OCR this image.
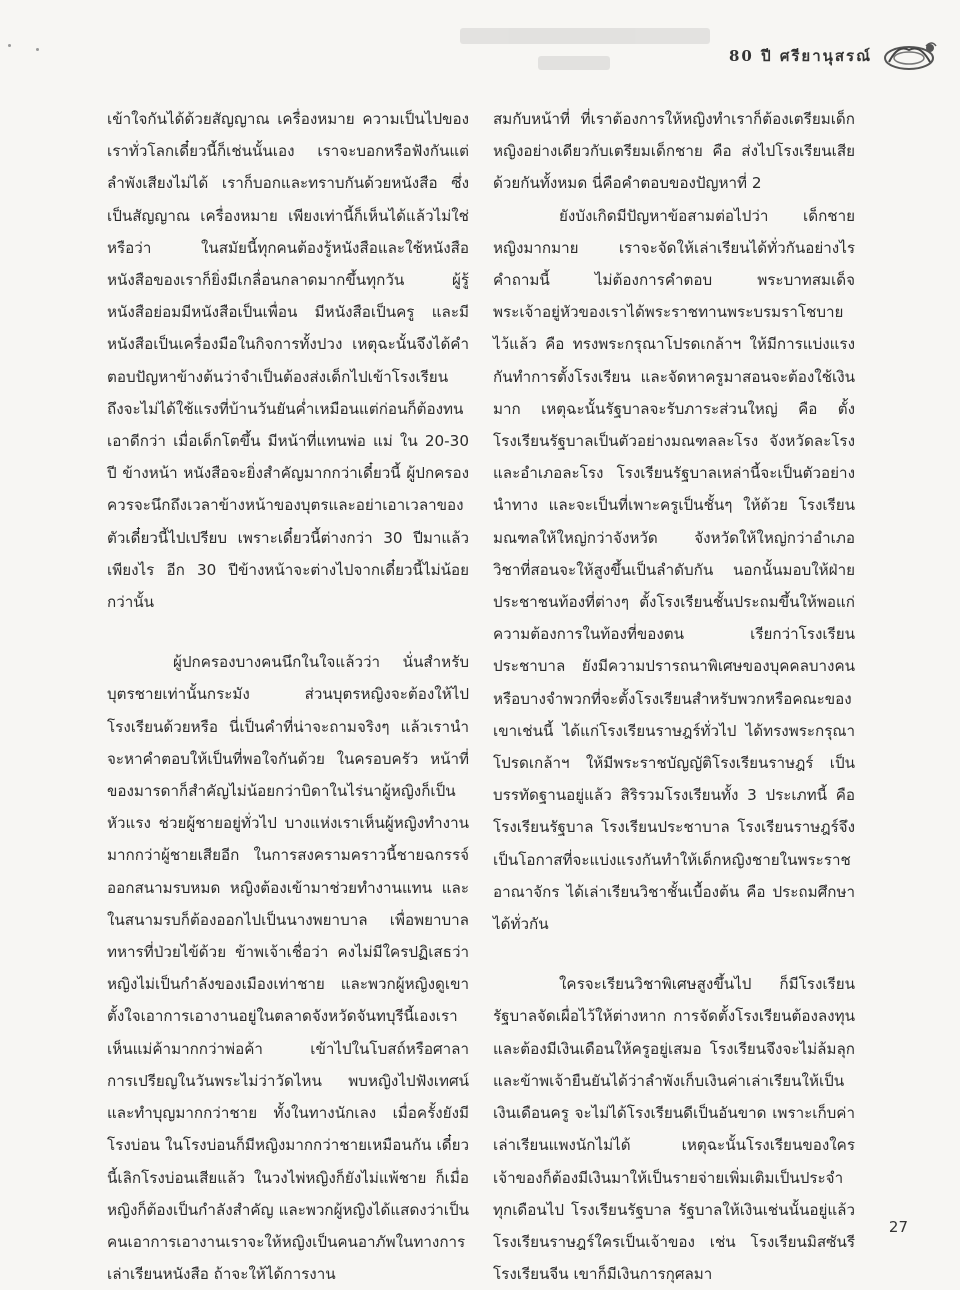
80 ปี ศรียานุสรณ์

เข้าใจกันได้ด้วยสัญญาณ เครื่องหมาย ความเป็นไปของเราทั่วโลกเดี๋ยวนี้ก็เช่นนั้นเอง เราจะบอกหรือฟังกันแต่ลำพังเสียงไม่ได้ เราก็บอกและทราบกันด้วยหนังสือ ซึ่งเป็นสัญญาณ เครื่องหมาย เพียงเท่านี้ก็เห็นได้แล้วไม่ใช่หรือว่า ในสมัยนี้ทุกคนต้องรู้หนังสือและใช้หนังสือ หนังสือของเราก็ยิ่งมีเกลื่อนกลาดมากขึ้นทุกวัน ผู้รู้หนังสือย่อมมีหนังสือเป็นเพื่อน มีหนังสือเป็นครู และมีหนังสือเป็นเครื่องมือในกิจการทั้งปวง เหตุฉะนั้นจึงได้คำตอบปัญหาข้างต้นว่าจำเป็นต้องส่งเด็กไปเข้าโรงเรียน ถึงจะไม่ได้ใช้แรงที่บ้านวันยันค่ำเหมือนแต่ก่อนก็ต้องทนเอาดีกว่า เมื่อเด็กโตขึ้น มีหน้าที่แทนพ่อ แม่ ใน 20-30 ปี ข้างหน้า หนังสือจะยิ่งสำคัญมากกว่าเดี๋ยวนี้ ผู้ปกครองควรจะนึกถึงเวลาข้างหน้าของบุตรและอย่าเอาเวลาของตัวเดี๋ยวนี้ไปเปรียบ เพราะเดี๋ยวนี้ต่างกว่า 30 ปีมาแล้วเพียงไร อีก 30 ปีข้างหน้าจะต่างไปจากเดี๋ยวนี้ไม่น้อยกว่านั้น

ผู้ปกครองบางคนนึกในใจแล้วว่า นั่นสำหรับบุตรชายเท่านั้นกระมัง ส่วนบุตรหญิงจะต้องให้ไปโรงเรียนด้วยหรือ นี่เป็นคำที่น่าจะถามจริงๆ แล้วเรานำจะหาคำตอบให้เป็นที่พอใจกันด้วย ในครอบครัว หน้าที่ของมารดาก็สำคัญไม่น้อยกว่าบิดาในไร่นาผู้หญิงก็เป็นหัวแรง ช่วยผู้ชายอยู่ทั่วไป บางแห่งเราเห็นผู้หญิงทำงานมากกว่าผู้ชายเสียอีก ในการสงครามคราวนี้ชายฉกรรจ์ออกสนามรบหมด หญิงต้องเข้ามาช่วยทำงานแทน และในสนามรบก็ต้องออกไปเป็นนางพยาบาล เพื่อพยาบาลทหารที่ป่วยไข้ด้วย ข้าพเจ้าเชื่อว่า คงไม่มีใครปฏิเสธว่าหญิงไม่เป็นกำลังของเมืองเท่าชาย และพวกผู้หญิงดูเขาตั้งใจเอาการเอางานอยู่ในตลาดจังหวัดจันทบุรีนี้เองเราเห็นแม่ค้ามากกว่าพ่อค้า เข้าไปในโบสถ์หรือศาลาการเปรียญในวันพระไม่ว่าวัดไหน พบหญิงไปฟังเทศน์และทำบุญมากกว่าชาย ทั้งในทางนักเลง เมื่อครั้งยังมีโรงบ่อน ในโรงบ่อนก็มีหญิงมากกว่าชายเหมือนกัน เดี๋ยวนี้เลิกโรงบ่อนเสียแล้ว ในวงไพ่หญิงก็ยังไม่แพ้ชาย ก็เมื่อหญิงก็ต้องเป็นกำลังสำคัญ และพวกผู้หญิงได้แสดงว่าเป็นคนเอาการเอางานเราจะให้หญิงเป็นคนอาภัพในทางการเล่าเรียนหนังสือ ถ้าจะให้ได้การงาน

สมกับหน้าที่ ที่เราต้องการให้หญิงทำเราก็ต้องเตรียมเด็กหญิงอย่างเดียวกับเตรียมเด็กชาย คือ ส่งไปโรงเรียนเสียด้วยกันทั้งหมด นี่คือคำตอบของปัญหาที่ 2

ยังบังเกิดมีปัญหาข้อสามต่อไปว่า เด็กชายหญิงมากมาย เราจะจัดให้เล่าเรียนได้ทั่วกันอย่างไร คำถามนี้ ไม่ต้องการคำตอบ พระบาทสมเด็จพระเจ้าอยู่หัวของเราได้พระราชทานพระบรมราโชบายไว้แล้ว คือ ทรงพระกรุณาโปรดเกล้าฯ ให้มีการแบ่งแรงกันทำการตั้งโรงเรียน และจัดหาครูมาสอนจะต้องใช้เงินมาก เหตุฉะนั้นรัฐบาลจะรับภาระส่วนใหญ่ คือ ตั้งโรงเรียนรัฐบาลเป็นตัวอย่างมณฑลละโรง จังหวัดละโรงและอำเภอละโรง โรงเรียนรัฐบาลเหล่านี้จะเป็นตัวอย่างนำทาง และจะเป็นที่เพาะครูเป็นชั้นๆ ให้ด้วย โรงเรียนมณฑลให้ใหญ่กว่าจังหวัด จังหวัดให้ใหญ่กว่าอำเภอ วิชาที่สอนจะให้สูงขึ้นเป็นลำดับกัน นอกนั้นมอบให้ฝ่ายประชาชนท้องที่ต่างๆ ตั้งโรงเรียนชั้นประถมขึ้นให้พอแก่ความต้องการในท้องที่ของตน เรียกว่าโรงเรียนประชาบาล ยังมีความปรารถนาพิเศษของบุคคลบางคนหรือบางจำพวกที่จะตั้งโรงเรียนสำหรับพวกหรือคณะของเขาเช่นนี้ ได้แก่โรงเรียนราษฎร์ทั่วไป ได้ทรงพระกรุณาโปรดเกล้าฯ ให้มีพระราชบัญญัติโรงเรียนราษฎร์ เป็นบรรทัดฐานอยู่แล้ว สิริรวมโรงเรียนทั้ง 3 ประเภทนี้ คือ โรงเรียนรัฐบาล โรงเรียนประชาบาล โรงเรียนราษฎร์จึงเป็นโอกาสที่จะแบ่งแรงกันทำให้เด็กหญิงชายในพระราชอาณาจักร ได้เล่าเรียนวิชาชั้นเบื้องต้น คือ ประถมศึกษาได้ทั่วกัน

ใครจะเรียนวิชาพิเศษสูงขึ้นไป ก็มีโรงเรียนรัฐบาลจัดเผื่อไว้ให้ต่างหาก การจัดตั้งโรงเรียนต้องลงทุนและต้องมีเงินเดือนให้ครูอยู่เสมอ โรงเรียนจึงจะไม่ล้มลุกและข้าพเจ้ายืนยันได้ว่าลำพังเก็บเงินค่าเล่าเรียนให้เป็นเงินเดือนครู จะไม่ได้โรงเรียนดีเป็นอันขาด เพราะเก็บค่าเล่าเรียนแพงนักไม่ได้ เหตุฉะนั้นโรงเรียนของใครเจ้าของก็ต้องมีเงินมาให้เป็นรายจ่ายเพิ่มเติมเป็นประจำทุกเดือนไป โรงเรียนรัฐบาล รัฐบาลให้เงินเช่นนั้นอยู่แล้ว โรงเรียนราษฎร์ใครเป็นเจ้าของ เช่น โรงเรียนมิสซันรี โรงเรียนจีน เขาก็มีเงินการกุศลมา

27
